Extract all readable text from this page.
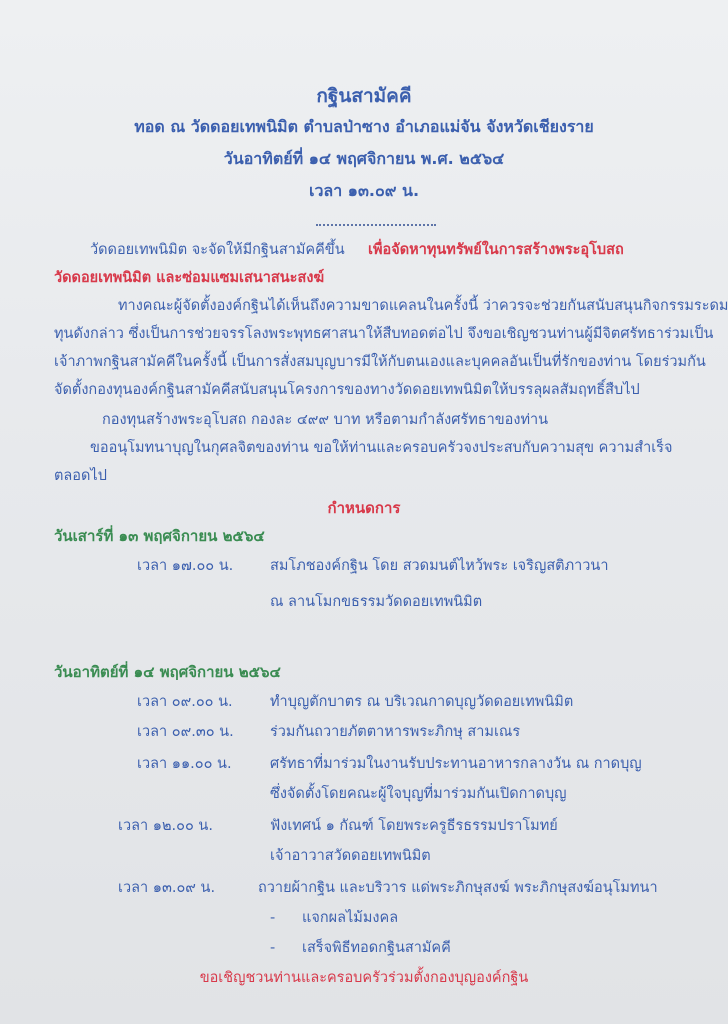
กฐินสามัคคี
ทอด ณ วัดดอยเทพนิมิต ตำบลป่าซาง อำเภอแม่จัน จังหวัดเชียงราย
วันอาทิตย์ที่ ๑๔ พฤศจิกายน พ.ศ. ๒๕๖๔
เวลา ๑๓.๐๙ น.
วัดดอยเทพนิมิต จะจัดให้มีกฐินสามัคคีขึ้น เพื่อจัดหาทุนทรัพย์ในการสร้างพระอุโบสถ
วัดดอยเทพนิมิต และซ่อมแซมเสนาสนะสงฆ์
ทางคณะผู้จัดตั้งองค์กฐินได้เห็นถึงความขาดแคลนในครั้งนี้ ว่าควรจะช่วยกันสนับสนุนกิจกรรมระดม
ทุนดังกล่าว ซึ่งเป็นการช่วยจรรโลงพระพุทธศาสนาให้สืบทอดต่อไป จึงขอเชิญชวนท่านผู้มีจิตศรัทธาร่วมเป็น
เจ้าภาพกฐินสามัคคีในครั้งนี้ เป็นการสั่งสมบุญบารมีให้กับตนเองและบุคคลอันเป็นที่รักของท่าน โดยร่วมกัน
จัดตั้งกองทุนองค์กฐินสามัคคีสนับสนุนโครงการของทางวัดดอยเทพนิมิตให้บรรลุผลสัมฤทธิ์สืบไป
กองทุนสร้างพระอุโบสถ กองละ ๔๙๙ บาท หรือตามกำลังศรัทธาของท่าน
ขออนุโมทนาบุญในกุศลจิตของท่าน ขอให้ท่านและครอบครัวจงประสบกับความสุข ความสำเร็จ
ตลอดไป
กำหนดการ
วันเสาร์ที่ ๑๓ พฤศจิกายน ๒๕๖๔
เวลา ๑๗.๐๐ น.	สมโภชองค์กฐิน โดย สวดมนต์ไหว้พระ เจริญสติภาวนา
ณ ลานโมกขธรรมวัดดอยเทพนิมิต
วันอาทิตย์ที่ ๑๔ พฤศจิกายน ๒๕๖๔
เวลา ๐๙.๐๐ น.	ทำบุญตักบาตร ณ บริเวณกาดบุญวัดดอยเทพนิมิต
เวลา ๐๙.๓๐ น.	ร่วมกันถวายภัตตาหารพระภิกษุ สามเณร
เวลา ๑๑.๐๐ น.	ศรัทธาที่มาร่วมในงานรับประทานอาหารกลางวัน ณ กาดบุญ
ซึ่งจัดตั้งโดยคณะผู้ใจบุญที่มาร่วมกันเปิดกาดบุญ
เวลา ๑๒.๐๐ น.	ฟังเทศน์ ๑ กัณฑ์ โดยพระครูธีรธรรมปราโมทย์
เจ้าอาวาสวัดดอยเทพนิมิต
เวลา ๑๓.๐๙ น.	ถวายผ้ากฐิน และบริวาร แด่พระภิกษุสงฆ์ พระภิกษุสงฆ์อนุโมทนา
- แจกผลไม้มงคล
- เสร็จพิธีทอดกฐินสามัคคี
ขอเชิญชวนท่านและครอบครัวร่วมตั้งกองบุญองค์กฐิน
